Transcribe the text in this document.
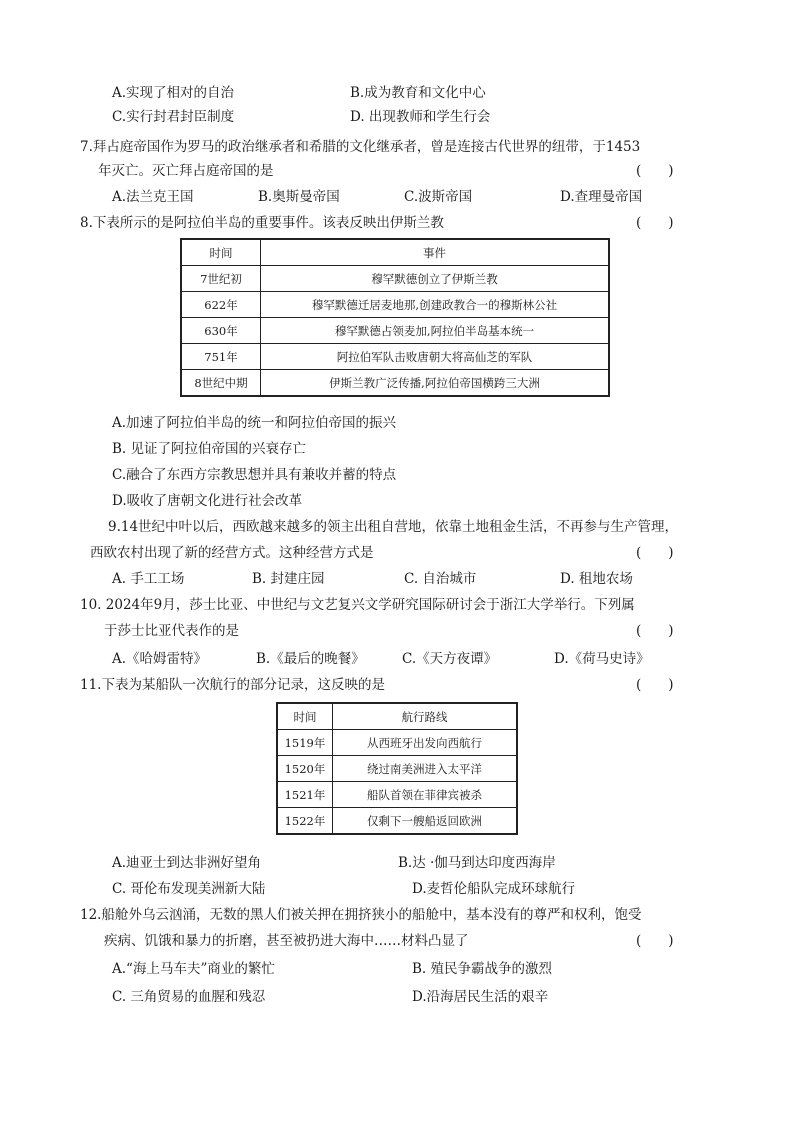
A.实现了相对的自治	B.成为教育和文化中心
C.实行封君封臣制度	D. 出现教师和学生行会
7.拜占庭帝国作为罗马的政治继承者和希腊的文化继承者，曾是连接古代世界的纽带，于1453
年灭亡。灭亡拜占庭帝国的是	(　　)
A.法兰克王国	B.奥斯曼帝国	C.波斯帝国	D.查理曼帝国
8.下表所示的是阿拉伯半岛的重要事件。该表反映出伊斯兰教	(　　)
时间	事件
7世纪初	穆罕默德创立了伊斯兰教
622年	穆罕默德迁居麦地那,创建政教合一的穆斯林公社
630年	穆罕默德占领麦加,阿拉伯半岛基本统一
751年	阿拉伯军队击败唐朝大将高仙芝的军队
8世纪中期	伊斯兰教广泛传播,阿拉伯帝国横跨三大洲
A.加速了阿拉伯半岛的统一和阿拉伯帝国的振兴
B. 见证了阿拉伯帝国的兴衰存亡
C.融合了东西方宗教思想并具有兼收并蓄的特点
D.吸收了唐朝文化进行社会改革
9.14世纪中叶以后，西欧越来越多的领主出租自营地，依靠土地租金生活，不再参与生产管理，
西欧农村出现了新的经营方式。这种经营方式是	(　　)
A. 手工工场	B. 封建庄园	C. 自治城市	D. 租地农场
10. 2024年9月，莎士比亚、中世纪与文艺复兴文学研究国际研讨会于浙江大学举行。下列属
于莎士比亚代表作的是	(　　)
A.《哈姆雷特》	B.《最后的晚餐》	C.《天方夜谭》	D.《荷马史诗》
11.下表为某船队一次航行的部分记录，这反映的是	(　　)
时间	航行路线
1519年	从西班牙出发向西航行
1520年	绕过南美洲进入太平洋
1521年	船队首领在菲律宾被杀
1522年	仅剩下一艘船返回欧洲
A.迪亚士到达非洲好望角	B.达 ·伽马到达印度西海岸
C. 哥伦布发现美洲新大陆	D.麦哲伦船队完成环球航行
12.船舱外乌云汹涌，无数的黑人们被关押在拥挤狭小的船舱中，基本没有的尊严和权利，饱受
疾病、饥饿和暴力的折磨，甚至被扔进大海中……材料凸显了	(　　)
A.“海上马车夫”商业的繁忙	B. 殖民争霸战争的激烈
C. 三角贸易的血腥和残忍	D.沿海居民生活的艰辛
